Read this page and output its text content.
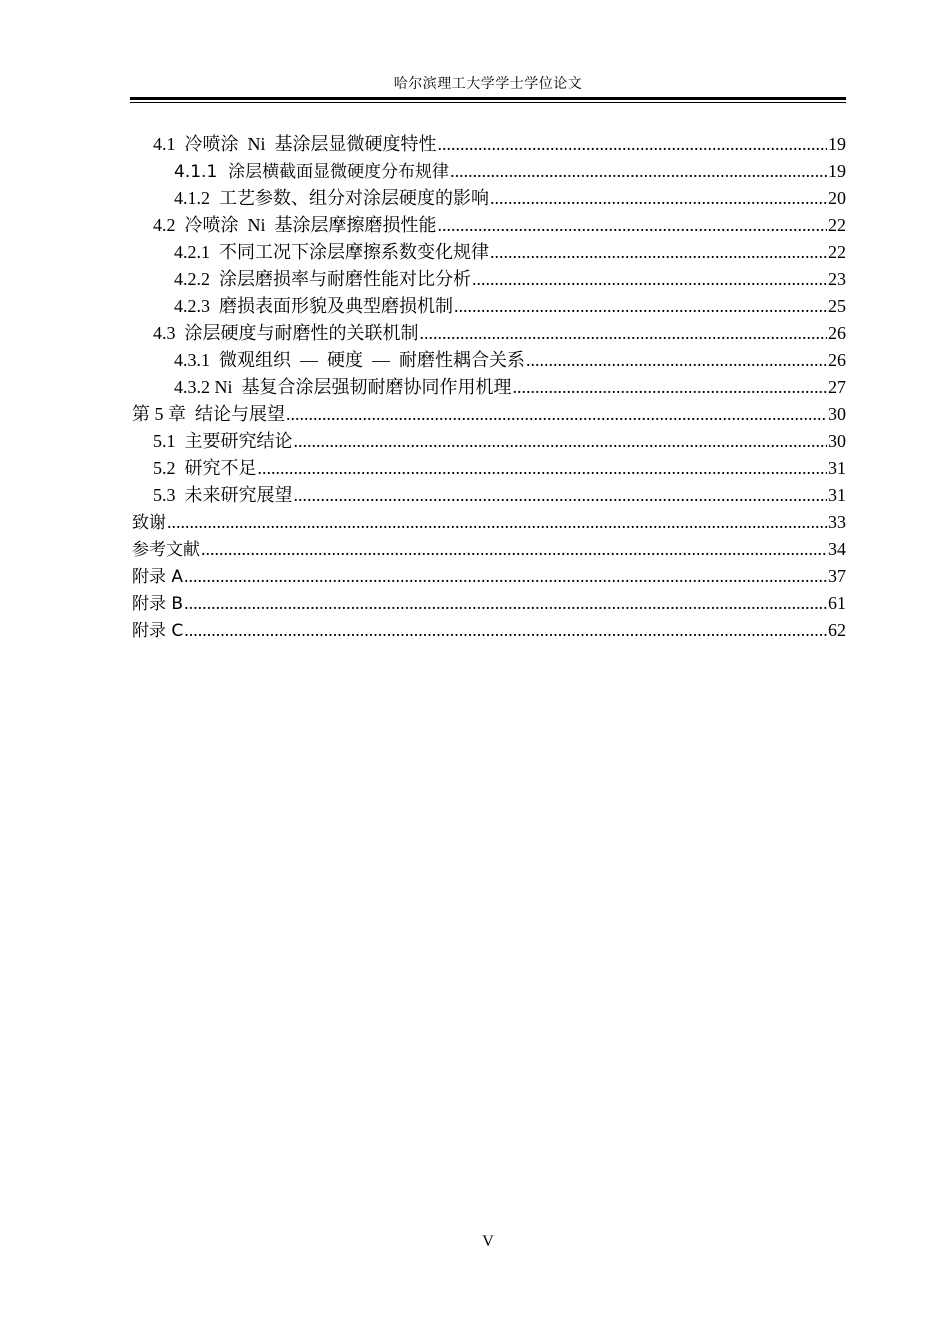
哈尔滨理工大学学士学位论文
4.1  冷喷涂  Ni  基涂层显微硬度特性 .....	19
4.1.1  涂层横截面显微硬度分布规律 .....	19
4.1.2  工艺参数、组分对涂层硬度的影响 .....	20
4.2  冷喷涂  Ni  基涂层摩擦磨损性能 .....	22
4.2.1  不同工况下涂层摩擦系数变化规律 .....	22
4.2.2  涂层磨损率与耐磨性能对比分析 .....	23
4.2.3  磨损表面形貌及典型磨损机制 .....	25
4.3  涂层硬度与耐磨性的关联机制 .....	26
4.3.1  微观组织  —  硬度  —  耐磨性耦合关系 .....	26
4.3.2 Ni  基复合涂层强韧耐磨协同作用机理 .....	27
第 5 章  结论与展望 .....	30
5.1  主要研究结论 .....	30
5.2  研究不足 .....	31
5.3  未来研究展望 .....	31
致谢 .....	33
参考文献 .....	34
附录 A .....	37
附录 B .....	61
附录 C .....	62
V
